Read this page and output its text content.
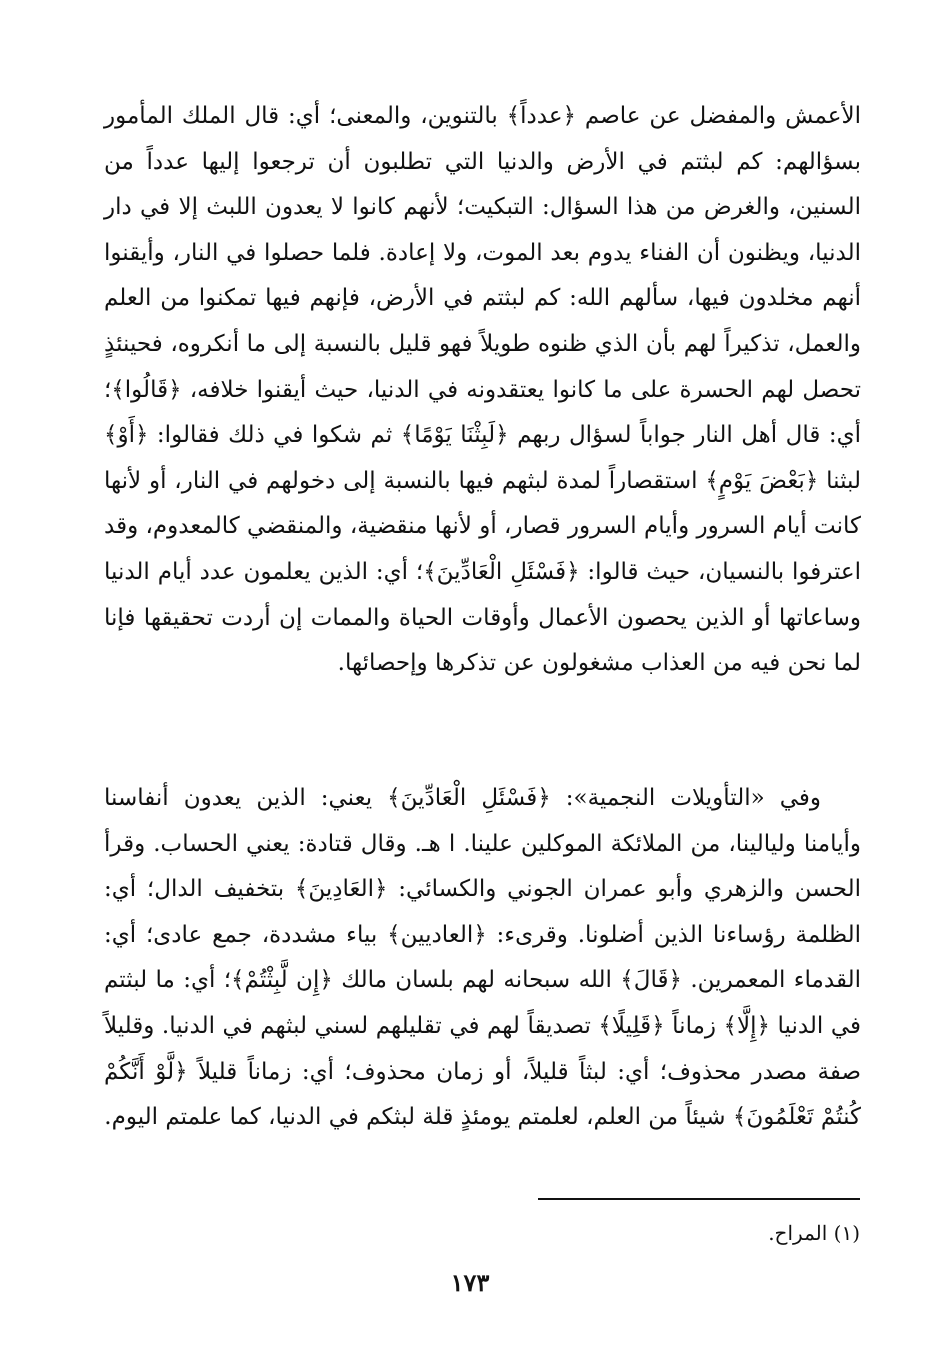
الأعمش والمفضل عن عاصم ﴿عدداً﴾ بالتنوين، والمعنى؛ أي: قال الملك المأمور بسؤالهم: كم لبثتم في الأرض والدنيا التي تطلبون أن ترجعوا إليها عدداً من السنين، والغرض من هذا السؤال: التبكيت؛ لأنهم كانوا لا يعدون اللبث إلا في دار الدنيا، ويظنون أن الفناء يدوم بعد الموت، ولا إعادة. فلما حصلوا في النار، وأيقنوا أنهم مخلدون فيها، سألهم الله: كم لبثتم في الأرض، فإنهم فيها تمكنوا من العلم والعمل، تذكيراً لهم بأن الذي ظنوه طويلاً فهو قليل بالنسبة إلى ما أنكروه، فحينئذٍ تحصل لهم الحسرة على ما كانوا يعتقدونه في الدنيا، حيث أيقنوا خلافه، ﴿قَالُوا﴾؛ أي: قال أهل النار جواباً لسؤال ربهم ﴿لَبِثْنَا يَوْمًا﴾ ثم شكوا في ذلك فقالوا: ﴿أَوْ﴾ لبثنا ﴿بَعْضَ يَوْمٍ﴾ استقصاراً لمدة لبثهم فيها بالنسبة إلى دخولهم في النار، أو لأنها كانت أيام السرور وأيام السرور قصار، أو لأنها منقضية، والمنقضي كالمعدوم، وقد اعترفوا بالنسيان، حيث قالوا: ﴿فَسْئَلِ الْعَادِّينَ﴾؛ أي: الذين يعلمون عدد أيام الدنيا وساعاتها أو الذين يحصون الأعمال وأوقات الحياة والممات إن أردت تحقيقها فإنا لما نحن فيه من العذاب مشغولون عن تذكرها وإحصائها.

وفي «التأويلات النجمية»: ﴿فَسْئَلِ الْعَادِّينَ﴾ يعني: الذين يعدون أنفاسنا وأيامنا وليالينا، من الملائكة الموكلين علينا. ا هـ. وقال قتادة: يعني الحساب. وقرأ الحسن والزهري وأبو عمران الجوني والكسائي: ﴿العَادِينَ﴾ بتخفيف الدال؛ أي: الظلمة رؤساءنا الذين أضلونا. وقرىء: ﴿العاديين﴾ بياء مشددة، جمع عادى؛ أي: القدماء المعمرين. ﴿قَالَ﴾ الله سبحانه لهم بلسان مالك ﴿إِن لَّبِثْتُمْ﴾؛ أي: ما لبثتم في الدنيا ﴿إِلَّا﴾ زماناً ﴿قَلِيلًا﴾ تصديقاً لهم في تقليلهم لسني لبثهم في الدنيا. وقليلاً صفة مصدر محذوف؛ أي: لبثاً قليلاً، أو زمان محذوف؛ أي: زماناً قليلاً ﴿لَّوْ أَنَّكُمْ كُنتُمْ تَعْلَمُونَ﴾ شيئاً من العلم، لعلمتم يومئذٍ قلة لبثكم في الدنيا، كما علمتم اليوم.

(١) المراح.

١٧٣
